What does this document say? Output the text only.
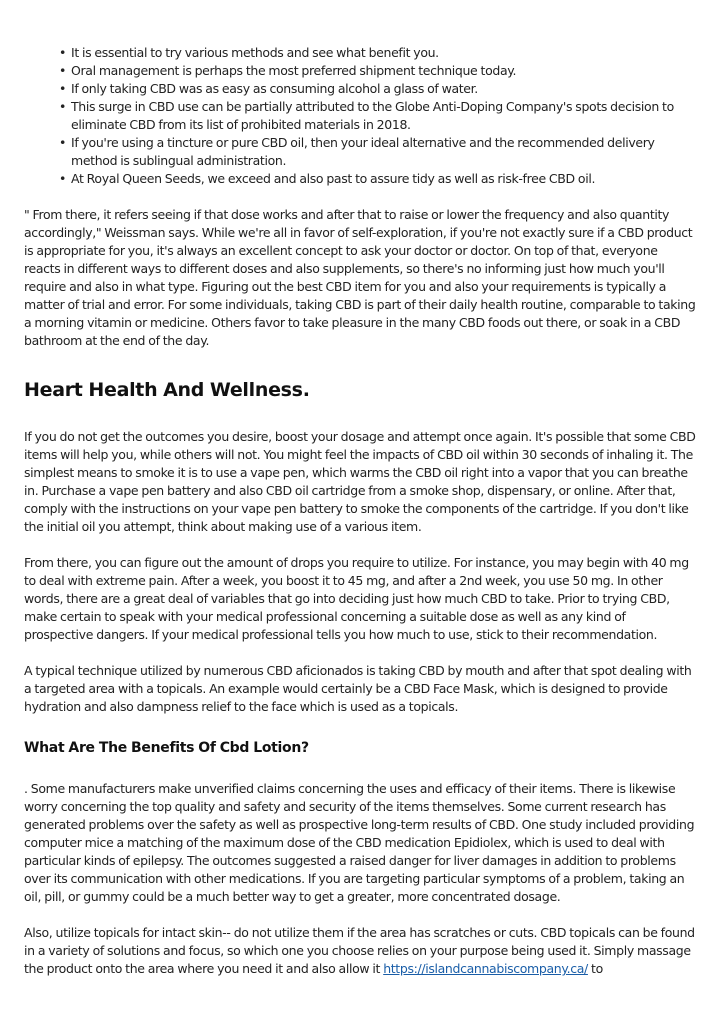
• It is essential to try various methods and see what benefit you.
• Oral management is perhaps the most preferred shipment technique today.
• If only taking CBD was as easy as consuming alcohol a glass of water.
• This surge in CBD use can be partially attributed to the Globe Anti-Doping Company's spots decision to eliminate CBD from its list of prohibited materials in 2018.
• If you're using a tincture or pure CBD oil, then your ideal alternative and the recommended delivery method is sublingual administration.
• At Royal Queen Seeds, we exceed and also past to assure tidy as well as risk-free CBD oil.

" From there, it refers seeing if that dose works and after that to raise or lower the frequency and also quantity accordingly," Weissman says. While we're all in favor of self-exploration, if you're not exactly sure if a CBD product is appropriate for you, it's always an excellent concept to ask your doctor or doctor. On top of that, everyone reacts in different ways to different doses and also supplements, so there's no informing just how much you'll require and also in what type. Figuring out the best CBD item for you and also your requirements is typically a matter of trial and error. For some individuals, taking CBD is part of their daily health routine, comparable to taking a morning vitamin or medicine. Others favor to take pleasure in the many CBD foods out there, or soak in a CBD bathroom at the end of the day.

Heart Health And Wellness.

If you do not get the outcomes you desire, boost your dosage and attempt once again. It's possible that some CBD items will help you, while others will not. You might feel the impacts of CBD oil within 30 seconds of inhaling it. The simplest means to smoke it is to use a vape pen, which warms the CBD oil right into a vapor that you can breathe in. Purchase a vape pen battery and also CBD oil cartridge from a smoke shop, dispensary, or online. After that, comply with the instructions on your vape pen battery to smoke the components of the cartridge. If you don't like the initial oil you attempt, think about making use of a various item.

From there, you can figure out the amount of drops you require to utilize. For instance, you may begin with 40 mg to deal with extreme pain. After a week, you boost it to 45 mg, and after a 2nd week, you use 50 mg. In other words, there are a great deal of variables that go into deciding just how much CBD to take. Prior to trying CBD, make certain to speak with your medical professional concerning a suitable dose as well as any kind of prospective dangers. If your medical professional tells you how much to use, stick to their recommendation.

A typical technique utilized by numerous CBD aficionados is taking CBD by mouth and after that spot dealing with a targeted area with a topicals. An example would certainly be a CBD Face Mask, which is designed to provide hydration and also dampness relief to the face which is used as a topicals.

What Are The Benefits Of Cbd Lotion?

. Some manufacturers make unverified claims concerning the uses and efficacy of their items. There is likewise worry concerning the top quality and safety and security of the items themselves. Some current research has generated problems over the safety as well as prospective long-term results of CBD. One study included providing computer mice a matching of the maximum dose of the CBD medication Epidiolex, which is used to deal with particular kinds of epilepsy. The outcomes suggested a raised danger for liver damages in addition to problems over its communication with other medications. If you are targeting particular symptoms of a problem, taking an oil, pill, or gummy could be a much better way to get a greater, more concentrated dosage.

Also, utilize topicals for intact skin-- do not utilize them if the area has scratches or cuts. CBD topicals can be found in a variety of solutions and focus, so which one you choose relies on your purpose being used it. Simply massage the product onto the area where you need it and also allow it https://islandcannabiscompany.ca/ to
